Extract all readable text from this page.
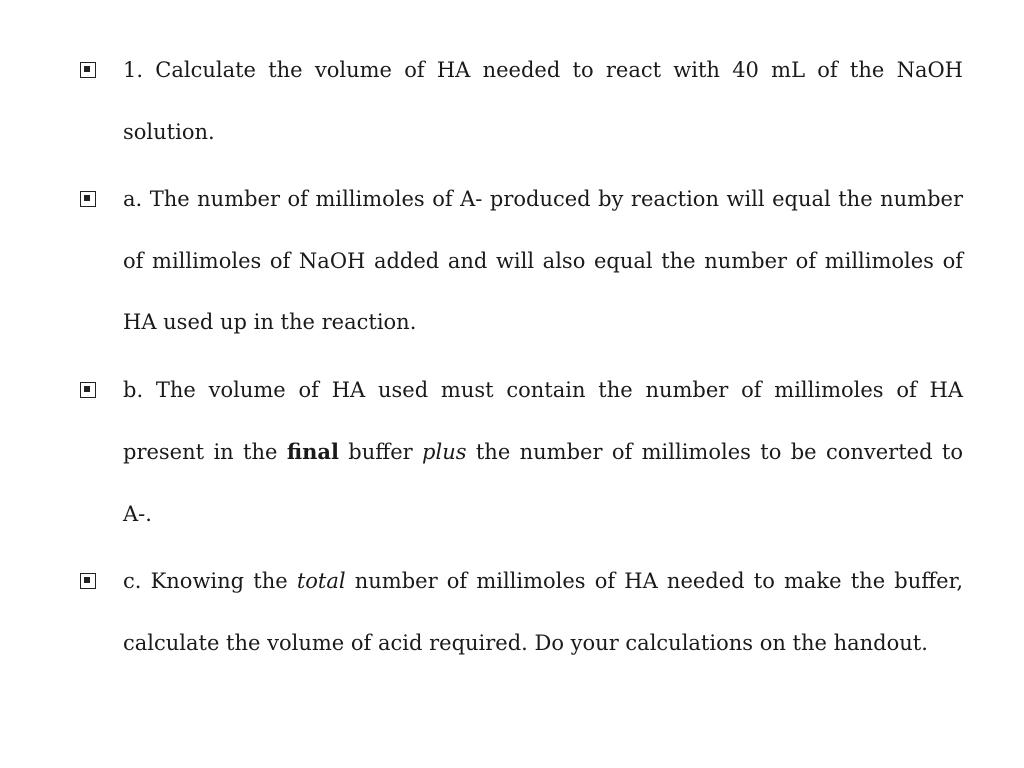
1. Calculate the volume of HA needed to react with 40 mL of the NaOH solution.
a. The number of millimoles of A- produced by reaction will equal the number of millimoles of NaOH added and will also equal the number of millimoles of HA used up in the reaction.
b. The volume of HA used must contain the number of millimoles of HA present in the final buffer plus the number of millimoles to be converted to A-.
c. Knowing the total number of millimoles of HA needed to make the buffer, calculate the volume of acid required. Do your calculations on the handout.
